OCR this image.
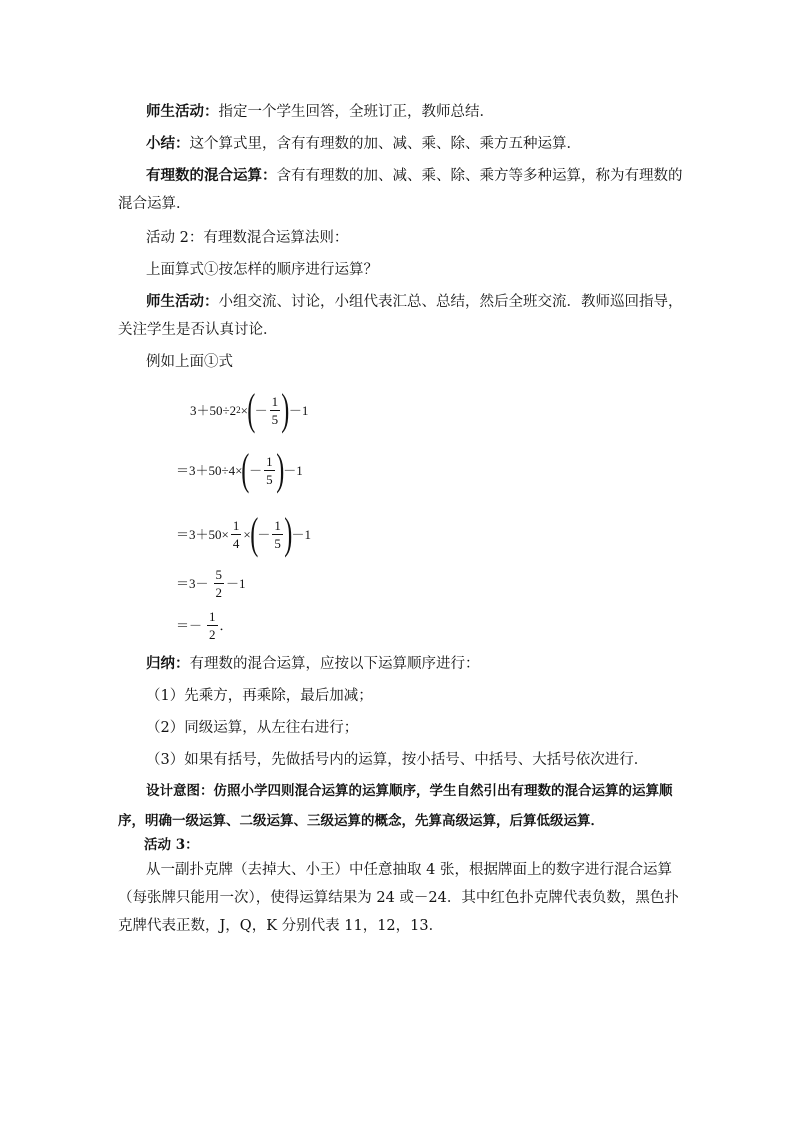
师生活动：指定一个学生回答，全班订正，教师总结．

小结：这个算式里，含有有理数的加、减、乘、除、乘方五种运算．

有理数的混合运算：含有有理数的加、减、乘、除、乘方等多种运算，称为有理数的混合运算．

活动 2：有理数混合运算法则：

上面算式①按怎样的顺序进行运算？

师生活动：小组交流、讨论，小组代表汇总、总结，然后全班交流．教师巡回指导，关注学生是否认真讨论．

例如上面①式

3＋50÷2 2 × ( － $\frac{1}{5}$ ) －1
＝3＋50÷4× ( － $\frac{1}{5}$ ) －1
$=3+50\times \frac{1}{4}$ × ( － $\frac{1}{5}$ ) －1
$=3- \frac{5}{2} -1$
＝－ $\frac{1}{2}$ ．

归纳：有理数的混合运算，应按以下运算顺序进行：

（1）先乘方，再乘除，最后加减；

（2）同级运算，从左往右进行；

（3）如果有括号，先做括号内的运算，按小括号、中括号、大括号依次进行．

设计意图：仿照小学四则混合运算的运算顺序，学生自然引出有理数的混合运算的运算顺序，明确一级运算、二级运算、三级运算的概念，先算高级运算，后算低级运算．

活动 3：

从一副扑克牌（去掉大、小王）中任意抽取 4 张，根据牌面上的数字进行混合运算（每张牌只能用一次），使得运算结果为 24 或－24．其中红色扑克牌代表负数，黑色扑克牌代表正数，J，Q，K 分别代表 11，12，13．
